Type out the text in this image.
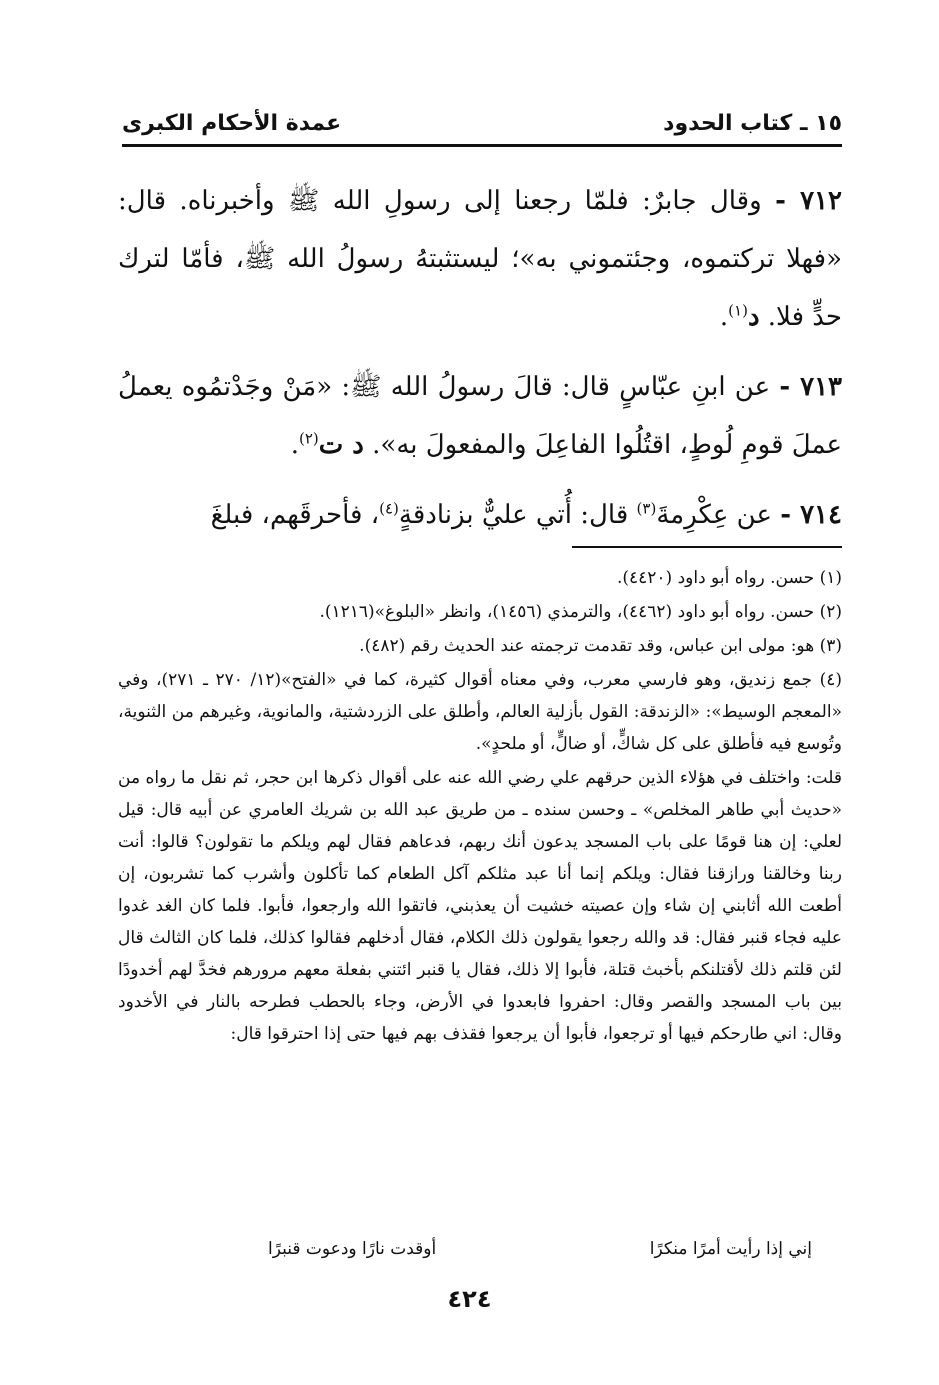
١٥ ـ كتاب الحدود
عمدة الأحكام الكبرى

٧١٢ - وقال جابرٌ: فلمّا رجعنا إلى رسولِ الله ﷺ وأخبرناه. قال: «فهلا تركتموه، وجئتموني به»؛ ليستثبتهُ رسولُ الله ﷺ، فأمّا لترك حدٍّ فلا. د$^{(١)}$.

٧١٣ - عن ابنِ عبّاسٍ قال: قالَ رسولُ الله ﷺ: «مَنْ وجَدْتمُوه يعملُ عملَ قومِ لُوطٍ، اقتُلُوا الفاعِلَ والمفعولَ به». د ت$^{(٢)}$.

٧١٤ - عن عِكْرِمةَ$^{(٣)}$ قال: أُتي عليٌّ بزنادقةٍ$^{(٤)}$، فأحرقَهم، فبلغَ

(١) حسن. رواه أبو داود (٤٤٢٠).

(٢) حسن. رواه أبو داود (٤٤٦٢)، والترمذي (١٤٥٦)، وانظر «البلوغ»(١٢١٦).

(٣) هو: مولى ابن عباس، وقد تقدمت ترجمته عند الحديث رقم (٤٨٢).

(٤) جمع زنديق، وهو فارسي معرب، وفي معناه أقوال كثيرة، كما في «الفتح»(١٢/ ٢٧٠ ـ ٢٧١)، وفي «المعجم الوسيط»: «الزندقة: القول بأزلية العالم، وأطلق على الزردشتية، والمانوية، وغيرهم من الثنوية، وتُوسع فيه فأطلق على كل شاكٍّ، أو ضالٍّ، أو ملحدٍ».

قلت: واختلف في هؤلاء الذين حرقهم علي رضي الله عنه على أقوال ذكرها ابن حجر، ثم نقل ما رواه من «حديث أبي طاهر المخلص» ـ وحسن سنده ـ من طريق عبد الله بن شريك العامري عن أبيه قال: قيل لعلي: إن هنا قومًا على باب المسجد يدعون أنك ربهم، فدعاهم فقال لهم ويلكم ما تقولون؟ قالوا: أنت ربنا وخالقنا ورازقنا فقال: ويلكم إنما أنا عبد مثلكم آكل الطعام كما تأكلون وأشرب كما تشربون، إن أطعت الله أثابني إن شاء وإن عصيته خشيت أن يعذبني، فاتقوا الله وارجعوا، فأبوا. فلما كان الغد غدوا عليه فجاء قنبر فقال: قد والله رجعوا يقولون ذلك الكلام، فقال أدخلهم فقالوا كذلك، فلما كان الثالث قال لئن قلتم ذلك لأقتلنكم بأخبث قتلة، فأبوا إلا ذلك، فقال يا قنبر ائتني بفعلة معهم مرورهم فخدَّ لهم أخدودًا بين باب المسجد والقصر وقال: احفروا فابعدوا في الأرض، وجاء بالحطب فطرحه بالنار في الأخدود وقال: اني طارحكم فيها أو ترجعوا، فأبوا أن يرجعوا فقذف بهم فيها حتى إذا احترقوا قال:

إني إذا رأيت أمرًا منكرًا
أوقدت نارًا ودعوت قنبرًا
٤٢٤
